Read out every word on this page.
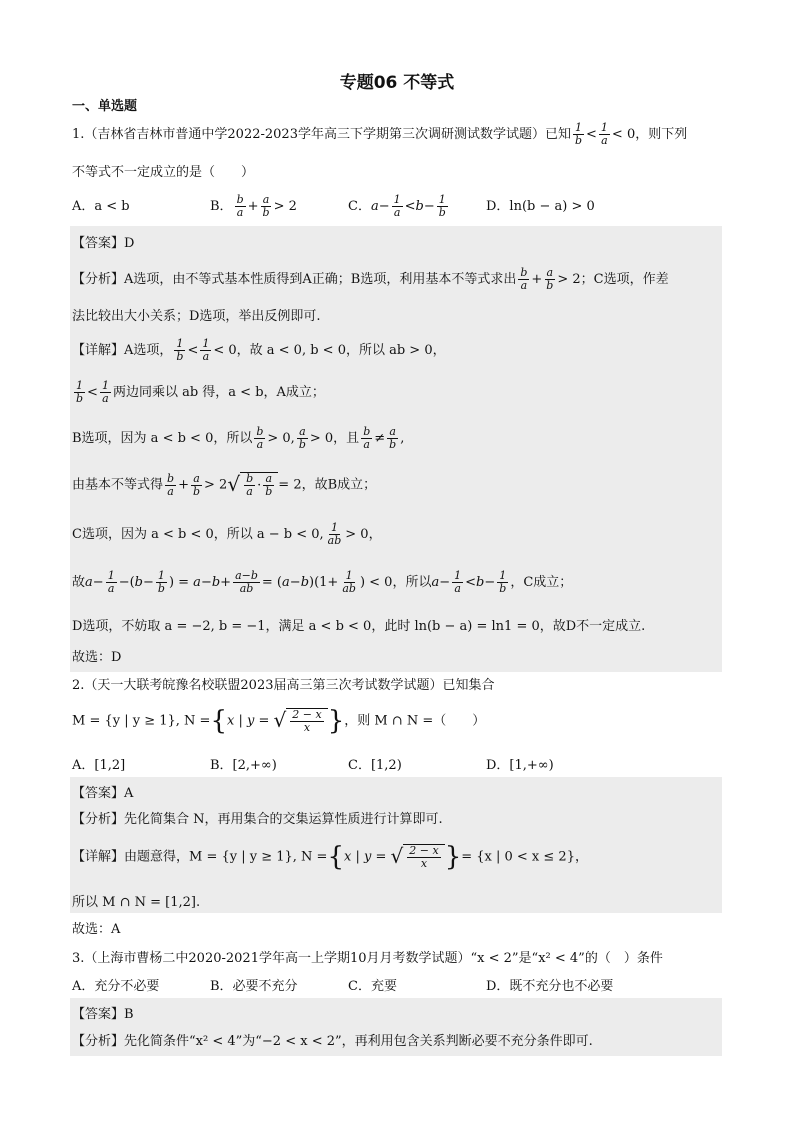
专题06 不等式
一、单选题
1.（吉林省吉林市普通中学2022-2023学年高三下学期第三次调研测试数学试题）已知 $\frac{1}{b} < \frac{1}{a} < 0$，则下列
不等式不一定成立的是（　　）
A．a < b	B． $\frac{b}{a} + \frac{a}{b} > 2$	C．$a- \frac{1}{a} <b- \frac{1}{b}$	D．ln(b − a) > 0
【答案】D
【分析】A选项，由不等式基本性质得到A正确；B选项，利用基本不等式求出 $\frac{b}{a} + \frac{a}{b} > 2$；C选项，作差
法比较出大小关系；D选项，举出反例即可.
【详解】A选项， $\frac{1}{b} < \frac{1}{a} < 0$，故 a < 0, b < 0，所以 ab > 0，
$\frac{1}{b} < \frac{1}{a}$ 两边同乘以 ab 得，a < b，A成立；
B选项，因为 a < b < 0，所以 $\frac{b}{a} > 0$, $\frac{a}{b} > 0$，且 $\frac{b}{a} \ne \frac{a}{b}$ ,
由基本不等式得 $\frac{b}{a} + \frac{a}{b} > 2$ √ $\frac{b}{a} \cdot \frac{a}{b} = 2$，故B成立；
C选项，因为 a < b < 0，所以 a − b < 0, $\frac{1}{ab} > 0$，
故$a- \frac{1}{a} -(b- \frac{1}{b}$ ) = $a-b+ \frac{a-b}{ab} = (a-b)(1+ \frac{1}{ab}$ ) < 0，所以$a- \frac{1}{a} <b- \frac{1}{b}$ ，C成立；
D选项，不妨取 a = −2, b = −1，满足 a < b < 0，此时 ln(b − a) = ln1 = 0，故D不一定成立.
故选：D
2.（天一大联考皖豫名校联盟2023届高三第三次考试数学试题）已知集合
M = {y | y ≥ 1}, N ={x | y = √ $\frac{2 - x}{x}$ }，则 M ∩ N =（　　）
A．[1,2]	B．[2,+∞)	C．[1,2)	D．[1,+∞)
【答案】A
【分析】先化简集合 N，再用集合的交集运算性质进行计算即可.
【详解】由题意得，M = {y | y ≥ 1}, N ={x | y = √ $\frac{2 - x}{x}$ }= {x | 0 < x ≤ 2}，
所以 M ∩ N = [1,2].
故选：A
3.（上海市曹杨二中2020-2021学年高一上学期10月月考数学试题）“x < 2”是“x² < 4”的（　）条件
A．充分不必要	B．必要不充分	C．充要	D．既不充分也不必要
【答案】B
【分析】先化简条件“x² < 4”为“−2 < x < 2”，再利用包含关系判断必要不充分条件即可.
